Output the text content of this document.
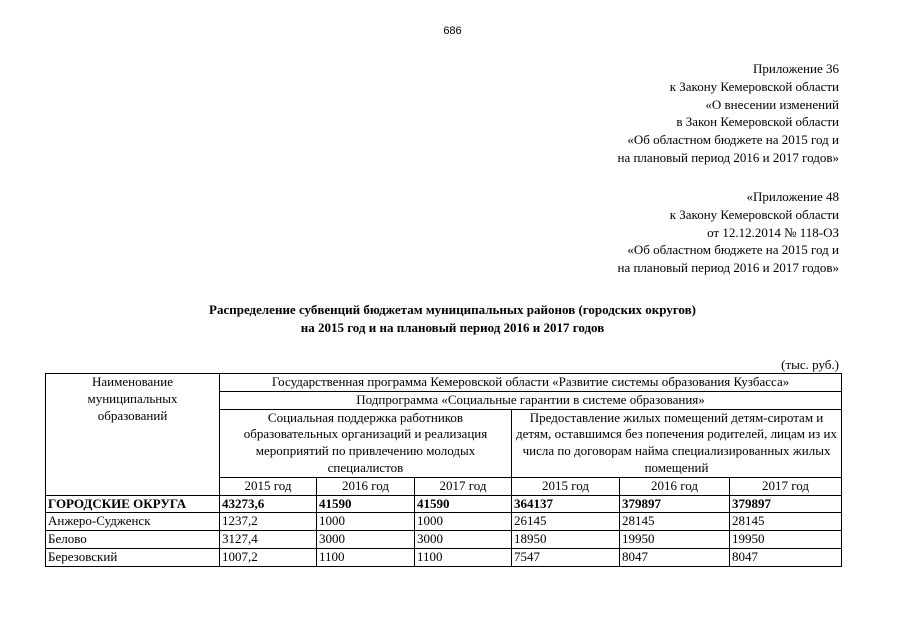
686
Приложение 36
к Закону Кемеровской области
«О внесении изменений
в Закон Кемеровской области
«Об областном бюджете на 2015 год и
на плановый период 2016 и 2017 годов»
«Приложение 48
к Закону Кемеровской области
от 12.12.2014 № 118-ОЗ
«Об областном бюджете на 2015 год и
на плановый период 2016 и 2017 годов»
Распределение субвенций бюджетам муниципальных районов (городских округов)
на 2015 год и на плановый период 2016 и 2017 годов
(тыс. руб.)
Наименование муниципальных образований	Государственная программа Кемеровской области «Развитие системы образования Кузбасса»					
	Подпрограмма «Социальные гарантии в системе образования»					
	Социальная поддержка работников образовательных организаций и реализация мероприятий по привлечению молодых специалистов			Предоставление жилых помещений детям-сиротам и детям, оставшимся без попечения родителей, лицам из их числа по договорам найма специализированных жилых помещений		
	2015 год	2016 год	2017 год	2015 год	2016 год	2017 год
ГОРОДСКИЕ ОКРУГА	43273,6	41590	41590	364137	379897	379897
Анжеро-Судженск	1237,2	1000	1000	26145	28145	28145
Белово	3127,4	3000	3000	18950	19950	19950
Березовский	1007,2	1100	1100	7547	8047	8047
